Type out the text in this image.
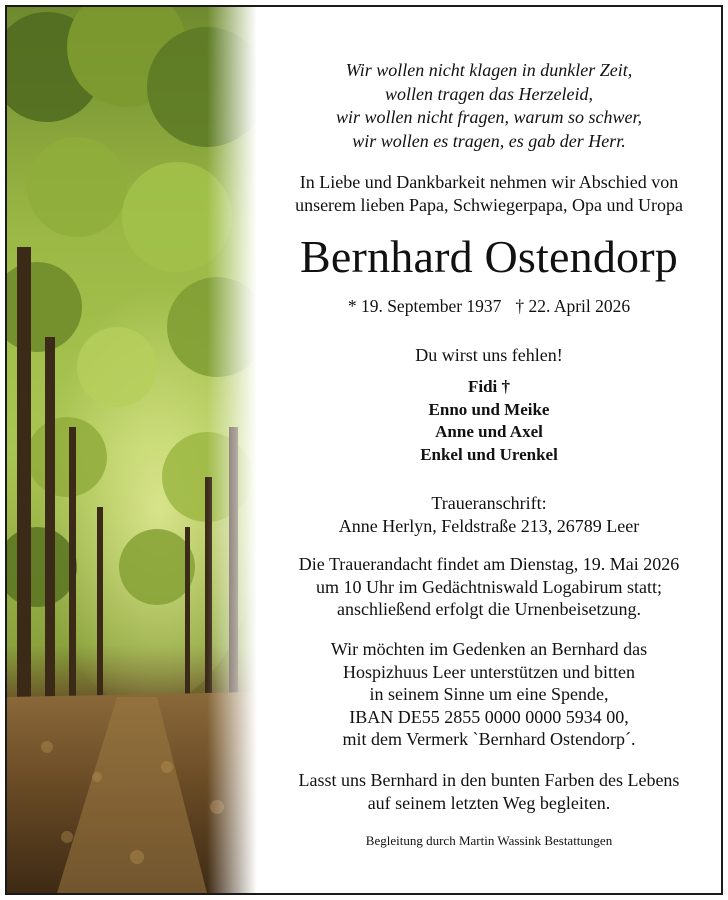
Wir wollen nicht klagen in dunkler Zeit,
wollen tragen das Herzeleid,
wir wollen nicht fragen, warum so schwer,
wir wollen es tragen, es gab der Herr.
In Liebe und Dankbarkeit nehmen wir Abschied von
unserem lieben Papa, Schwiegerpapa, Opa und Uropa
Bernhard Ostendorp
* 19. September 1937 † 22. April 2026
Du wirst uns fehlen!
Fidi †
Enno und Meike
Anne und Axel
Enkel und Urenkel
Traueranschrift:
Anne Herlyn, Feldstraße 213, 26789 Leer
Die Trauerandacht findet am Dienstag, 19. Mai 2026
um 10 Uhr im Gedächtniswald Logabirum statt;
anschließend erfolgt die Urnenbeisetzung.
Wir möchten im Gedenken an Bernhard das
Hospizhuus Leer unterstützen und bitten
in seinem Sinne um eine Spende,
IBAN DE55 2855 0000 0000 5934 00,
mit dem Vermerk `Bernhard Ostendorp´.
Lasst uns Bernhard in den bunten Farben des Lebens
auf seinem letzten Weg begleiten.
Begleitung durch Martin Wassink Bestattungen
